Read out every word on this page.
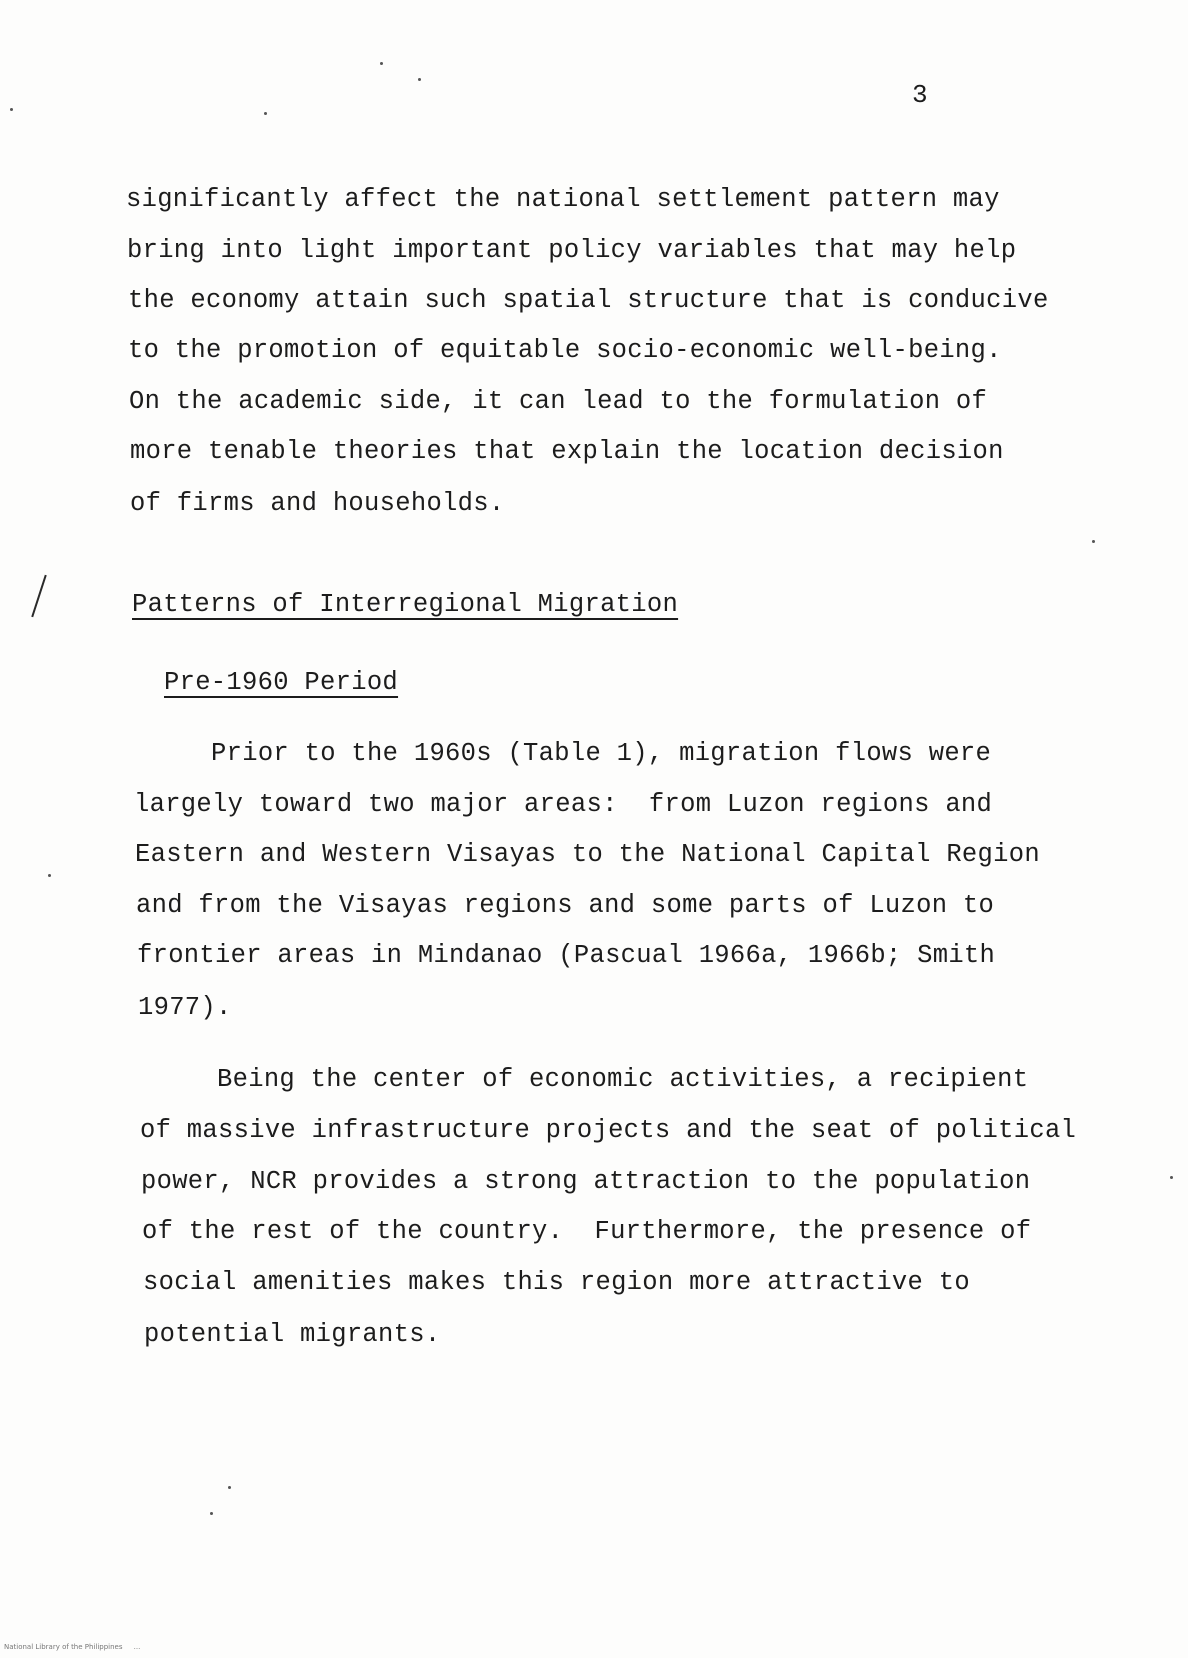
3
significantly affect the national settlement pattern may
bring into light important policy variables that may help
the economy attain such spatial structure that is conducive
to the promotion of equitable socio-economic well-being.
On the academic side, it can lead to the formulation of
more tenable theories that explain the location decision
of firms and households.
Patterns of Interregional Migration
Pre-1960 Period
Prior to the 1960s (Table 1), migration flows were
largely toward two major areas:  from Luzon regions and
Eastern and Western Visayas to the National Capital Region
and from the Visayas regions and some parts of Luzon to
frontier areas in Mindanao (Pascual 1966a, 1966b; Smith
1977).
Being the center of economic activities, a recipient
of massive infrastructure projects and the seat of political
power, NCR provides a strong attraction to the population
of the rest of the country.  Furthermore, the presence of
social amenities makes this region more attractive to
potential migrants.
National Library of the Philippines     ...
